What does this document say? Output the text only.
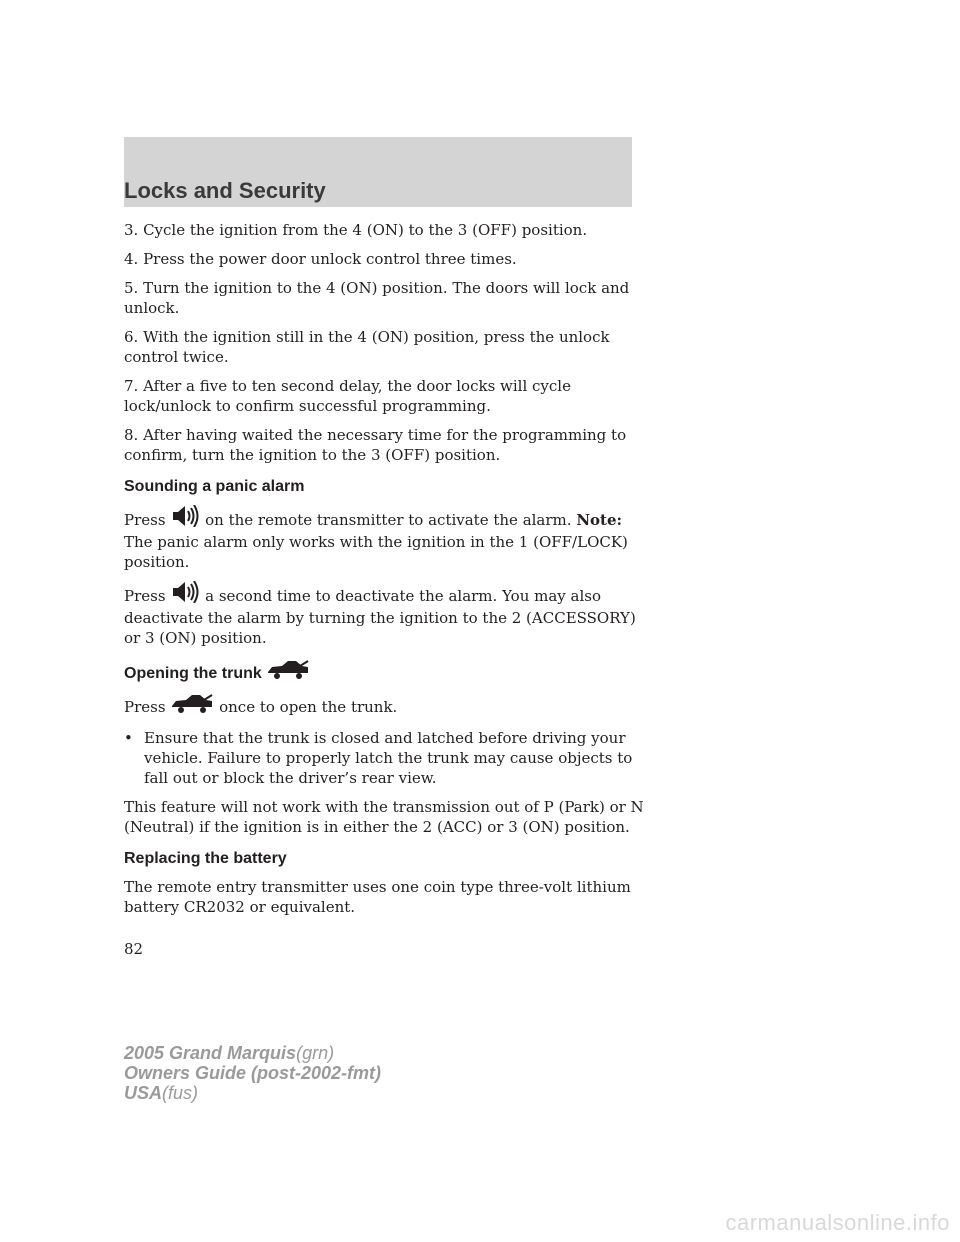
Locks and Security

3. Cycle the ignition from the 4 (ON) to the 3 (OFF) position.

4. Press the power door unlock control three times.

5. Turn the ignition to the 4 (ON) position. The doors will lock and unlock.

6. With the ignition still in the 4 (ON) position, press the unlock control twice.

7. After a five to ten second delay, the door locks will cycle lock/unlock to confirm successful programming.

8. After having waited the necessary time for the programming to confirm, turn the ignition to the 3 (OFF) position.

Sounding a panic alarm

Press	on the remote transmitter to activate the alarm. Note: The panic alarm only works with the ignition in the 1 (OFF/LOCK) position.

Press	a second time to deactivate the alarm. You may also deactivate the alarm by turning the ignition to the 2 (ACCESSORY) or 3 (ON) position.

Opening the trunk

Press	once to open the trunk.

• Ensure that the trunk is closed and latched before driving your vehicle. Failure to properly latch the trunk may cause objects to fall out or block the driver’s rear view.

This feature will not work with the transmission out of P (Park) or N (Neutral) if the ignition is in either the 2 (ACC) or 3 (ON) position.

Replacing the battery

The remote entry transmitter uses one coin type three-volt lithium battery CR2032 or equivalent.

82
2005 Grand Marquis(grn)
Owners Guide (post-2002-fmt)
USA(fus)
carmanualsonline.info
